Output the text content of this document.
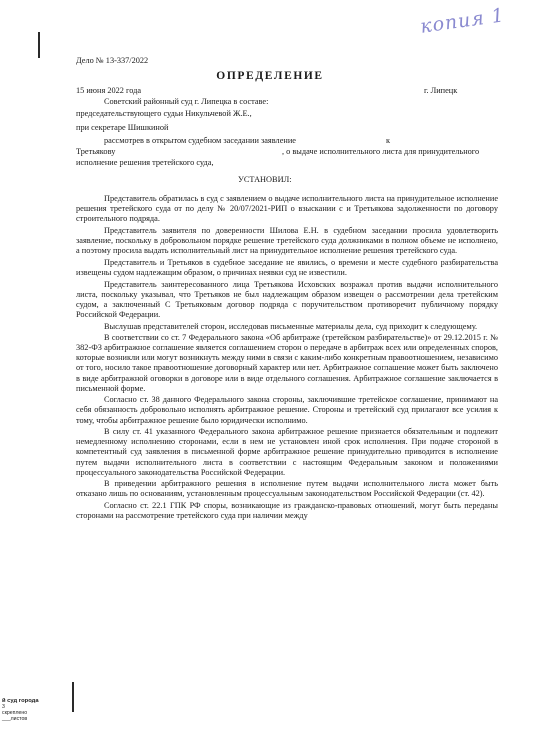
копия 1
Дело № 13-337/2022
ОПРЕДЕЛЕНИЕ
15 июня 2022 года	г. Липецк
Советский районный суд г. Липецка в составе:
председательствующего судьи Никульчевой Ж.Е.,
при секретаре Шишкиной
рассмотрев в открытом судебном заседании заявление	к
Третьякову	, о выдаче исполнительного листа для принудительного
исполнение решения третейского суда,
УСТАНОВИЛ:

Представитель обратилась в суд с заявлением о выдаче исполнительного листа на принудительное исполнение решения третейского суда от по делу № 20/07/2021-РИП о взыскании с и Третьякова задолженности по договору строительного подряда.

Представитель заявителя по доверенности Шилова Е.Н. в судебном заседании просила удовлетворить заявление, поскольку в добровольном порядке решение третейского суда должниками в полном объеме не исполнено, а поэтому просила выдать исполнительный лист на принудительное исполнение решения третейского суда.

Представитель и Третьяков в судебное заседание не явились, о времени и месте судебного разбирательства извещены судом надлежащим образом, о причинах неявки суд не известили.

Представитель заинтересованного лица Третьякова Исховских возражал против выдачи исполнительного листа, поскольку указывал, что Третьяков не был надлежащим образом извещен о рассмотрении дела третейским судом, а заключенный С Третьяковым договор подряда с поручительством противоречит публичному порядку Российской Федерации.

Выслушав представителей сторон, исследовав письменные материалы дела, суд приходит к следующему.

В соответствии со ст. 7 Федерального закона «Об арбитраже (третейском разбирательстве)» от 29.12.2015 г. № 382-ФЗ арбитражное соглашение является соглашением сторон о передаче в арбитраж всех или определенных споров, которые возникли или могут возникнуть между ними в связи с каким-либо конкретным правоотношением, независимо от того, носило такое правоотношение договорный характер или нет. Арбитражное соглашение может быть заключено в виде арбитражной оговорки в договоре или в виде отдельного соглашения. Арбитражное соглашение заключается в письменной форме.

Согласно ст. 38 данного Федерального закона стороны, заключившие третейское соглашение, принимают на себя обязанность добровольно исполнять арбитражное решение. Стороны и третейский суд прилагают все усилия к тому, чтобы арбитражное решение было юридически исполнимо.

В силу ст. 41 указанного Федерального закона арбитражное решение признается обязательным и подлежит немедленному исполнению сторонами, если в нем не установлен иной срок исполнения. При подаче стороной в компетентный суд заявления в письменной форме арбитражное решение принудительно приводится в исполнение путем выдачи исполнительного листа в соответствии с настоящим Федеральным законом и положениями процессуального законодательства Российской Федерации.

В приведении арбитражного решения в исполнение путем выдачи исполнительного листа может быть отказано лишь по основаниям, установленным процессуальным законодательством Российской Федерации (ст. 42).

Согласно ст. 22.1 ГПК РФ споры, возникающие из гражданско-правовых отношений, могут быть переданы сторонами на рассмотрение третейского суда при наличии между

й суд города
3
скреплено
___листов
